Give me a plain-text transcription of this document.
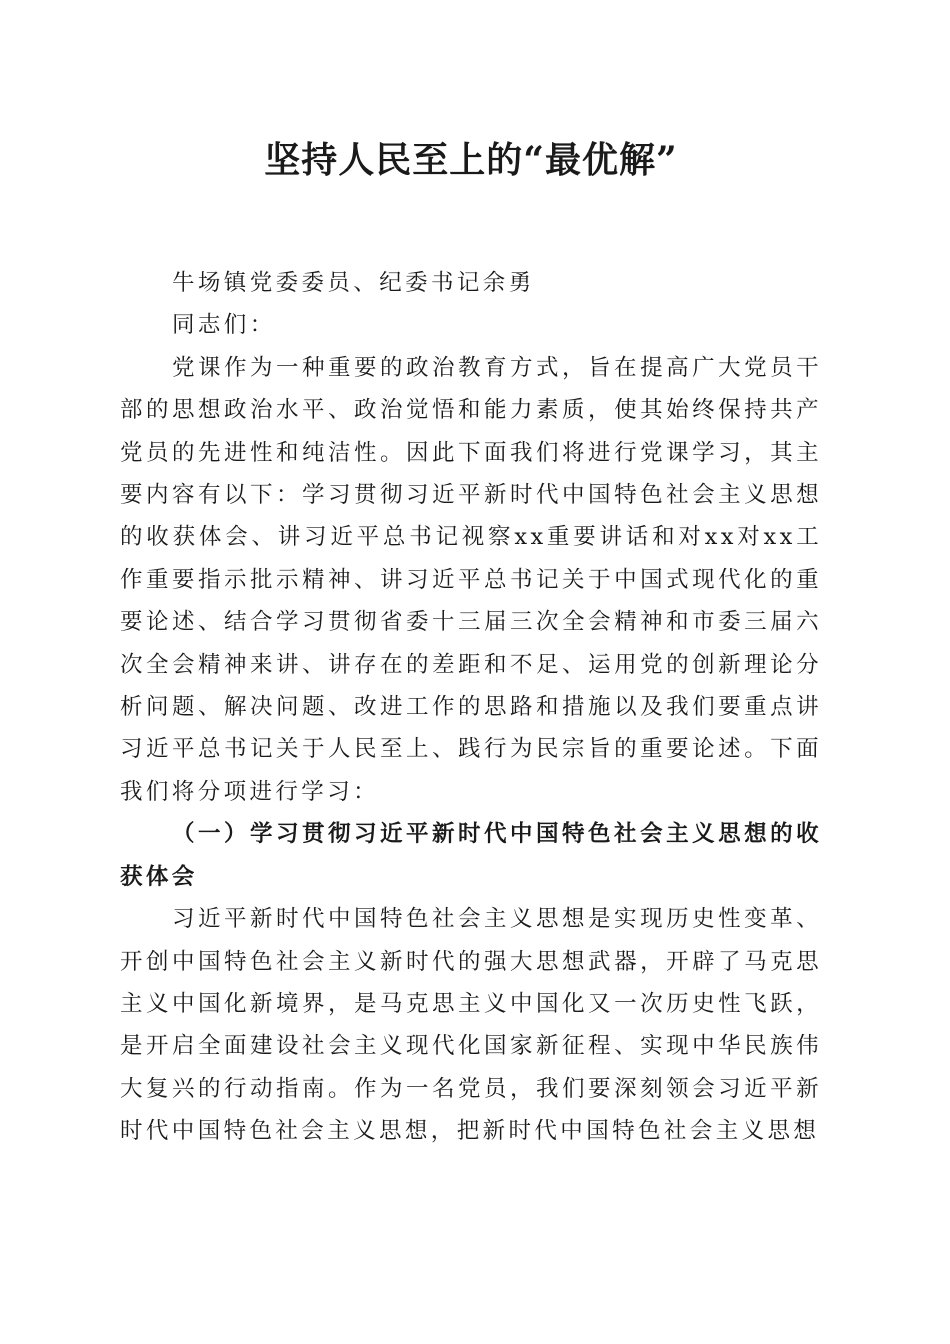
坚持人民至上的“最优解”

牛场镇党委委员、纪委书记余勇

同志们：

党课作为一种重要的政治教育方式，旨在提高广大党员干部的思想政治水平、政治觉悟和能力素质，使其始终保持共产党员的先进性和纯洁性。因此下面我们将进行党课学习，其主要内容有以下：学习贯彻习近平新时代中国特色社会主义思想的收获体会、讲习近平总书记视察xx重要讲话和对xx对xx工作重要指示批示精神、讲习近平总书记关于中国式现代化的重要论述、结合学习贯彻省委十三届三次全会精神和市委三届六次全会精神来讲、讲存在的差距和不足、运用党的创新理论分析问题、解决问题、改进工作的思路和措施以及我们要重点讲习近平总书记关于人民至上、践行为民宗旨的重要论述。下面我们将分项进行学习：

（一）学习贯彻习近平新时代中国特色社会主义思想的收获体会

习近平新时代中国特色社会主义思想是实现历史性变革、开创中国特色社会主义新时代的强大思想武器，开辟了马克思主义中国化新境界，是马克思主义中国化又一次历史性飞跃，是开启全面建设社会主义现代化国家新征程、实现中华民族伟大复兴的行动指南。作为一名党员，我们要深刻领会习近平新时代中国特色社会主义思想，把新时代中国特色社会主义思想
